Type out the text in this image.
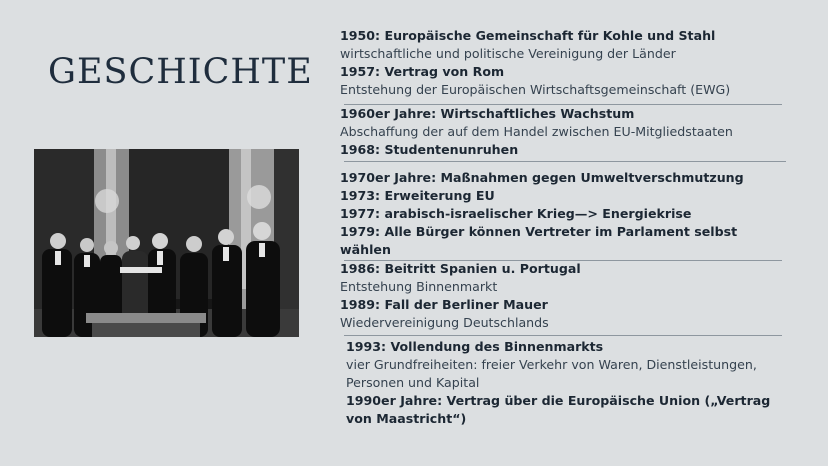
GESCHICHTE
1950: Europäische Gemeinschaft für Kohle und Stahl
wirtschaftliche und politische Vereinigung der Länder
1957: Vertrag von Rom
Entstehung der Europäischen Wirtschaftsgemeinschaft (EWG)
1960er Jahre: Wirtschaftliches Wachstum
Abschaffung der auf dem Handel zwischen EU-Mitgliedstaaten
1968: Studentenunruhen
1970er Jahre: Maßnahmen gegen Umweltverschmutzung
1973: Erweiterung EU
1977: arabisch-israelischer Krieg—> Energiekrise
1979: Alle Bürger können Vertreter im Parlament selbst
wählen
1986: Beitritt Spanien u. Portugal
Entstehung Binnenmarkt
1989: Fall der Berliner Mauer
Wiedervereinigung Deutschlands
1993: Vollendung des Binnenmarkts
vier Grundfreiheiten: freier Verkehr von Waren, Dienstleistungen,
Personen und Kapital
1990er Jahre: Vertrag über die Europäische Union („Vertrag
von Maastricht“)
